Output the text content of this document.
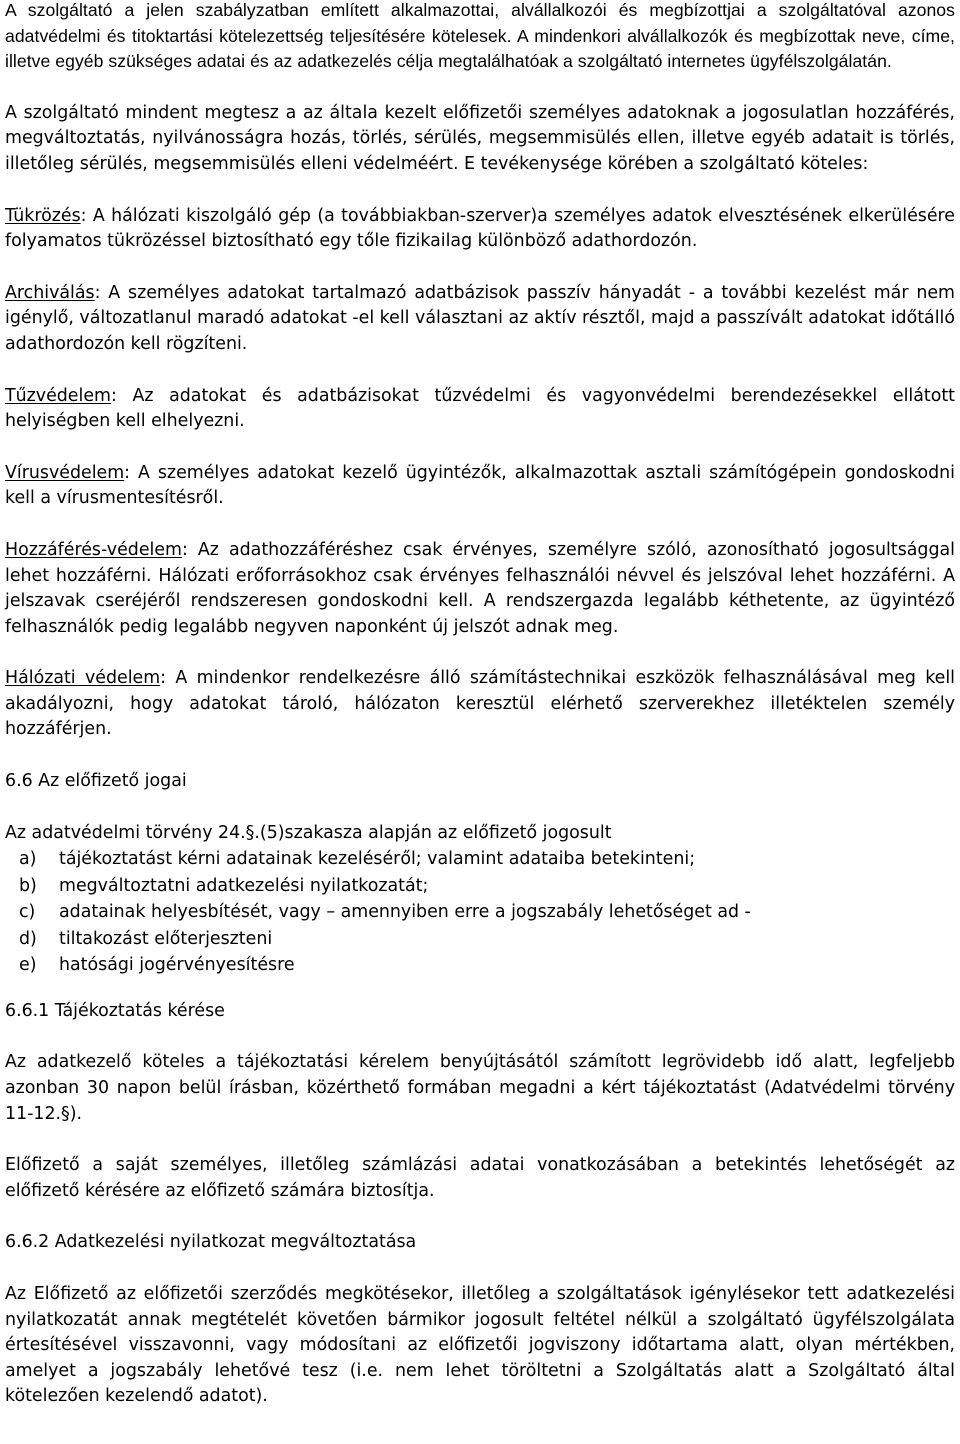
A szolgáltató a jelen szabályzatban említett alkalmazottai, alvállalkozói és megbízottjai a szolgáltatóval azonos adatvédelmi és titoktartási kötelezettség teljesítésére kötelesek. A mindenkori alvállalkozók és megbízottak neve, címe, illetve egyéb szükséges adatai és az adatkezelés célja megtalálhatóak a szolgáltató internetes ügyfélszolgálatán.

A szolgáltató mindent megtesz a az általa kezelt előfizetői személyes adatoknak a jogosulatlan hozzáférés, megváltoztatás, nyilvánosságra hozás, törlés, sérülés, megsemmisülés ellen, illetve egyéb adatait is törlés, illetőleg sérülés, megsemmisülés elleni védelméért. E tevékenysége körében a szolgáltató köteles:

Tükrözés: A hálózati kiszolgáló gép (a továbbiakban-szerver)a személyes adatok elvesztésének elkerülésére folyamatos tükrözéssel biztosítható egy tőle fizikailag különböző adathordozón.

Archiválás: A személyes adatokat tartalmazó adatbázisok passzív hányadát - a további kezelést már nem igénylő, változatlanul maradó adatokat -el kell választani az aktív résztől, majd a passzívált adatokat időtálló adathordozón kell rögzíteni.

Tűzvédelem: Az adatokat és adatbázisokat tűzvédelmi és vagyonvédelmi berendezésekkel ellátott helyiségben kell elhelyezni.

Vírusvédelem: A személyes adatokat kezelő ügyintézők, alkalmazottak asztali számítógépein gondoskodni kell a vírusmentesítésről.

Hozzáférés-védelem: Az adathozzáféréshez csak érvényes, személyre szóló, azonosítható jogosultsággal lehet hozzáférni. Hálózati erőforrásokhoz csak érvényes felhasználói névvel és jelszóval lehet hozzáférni. A jelszavak cseréjéről rendszeresen gondoskodni kell. A rendszergazda legalább kéthetente, az ügyintéző felhasználók pedig legalább negyven naponként új jelszót adnak meg.

Hálózati védelem: A mindenkor rendelkezésre álló számítástechnikai eszközök felhasználásával meg kell akadályozni, hogy adatokat tároló, hálózaton keresztül elérhető szerverekhez illetéktelen személy hozzáférjen.

6.6 Az előfizető jogai

Az adatvédelmi törvény 24.§.(5)szakasza alapján az előfizető jogosult

a)	tájékoztatást kérni adatainak kezeléséről; valamint adataiba betekinteni;
b)	megváltoztatni adatkezelési nyilatkozatát;
c)	adatainak helyesbítését, vagy – amennyiben erre a jogszabály lehetőséget ad -
d)	tiltakozást előterjeszteni
e)	hatósági jogérvényesítésre

6.6.1 Tájékoztatás kérése

Az adatkezelő köteles a tájékoztatási kérelem benyújtásától számított legrövidebb idő alatt, legfeljebb azonban 30 napon belül írásban, közérthető formában megadni a kért tájékoztatást (Adatvédelmi törvény 11-12.§).

Előfizető a saját személyes, illetőleg számlázási adatai vonatkozásában a betekintés lehetőségét az előfizető kérésére az előfizető számára biztosítja.

6.6.2 Adatkezelési nyilatkozat megváltoztatása

Az Előfizető az előfizetői szerződés megkötésekor, illetőleg a szolgáltatások igénylésekor tett adatkezelési nyilatkozatát annak megtételét követően bármikor jogosult feltétel nélkül a szolgáltató ügyfélszolgálata értesítésével visszavonni, vagy módosítani az előfizetői jogviszony időtartama alatt, olyan mértékben, amelyet a jogszabály lehetővé tesz (i.e. nem lehet töröltetni a Szolgáltatás alatt a Szolgáltató által kötelezően kezelendő adatot).
